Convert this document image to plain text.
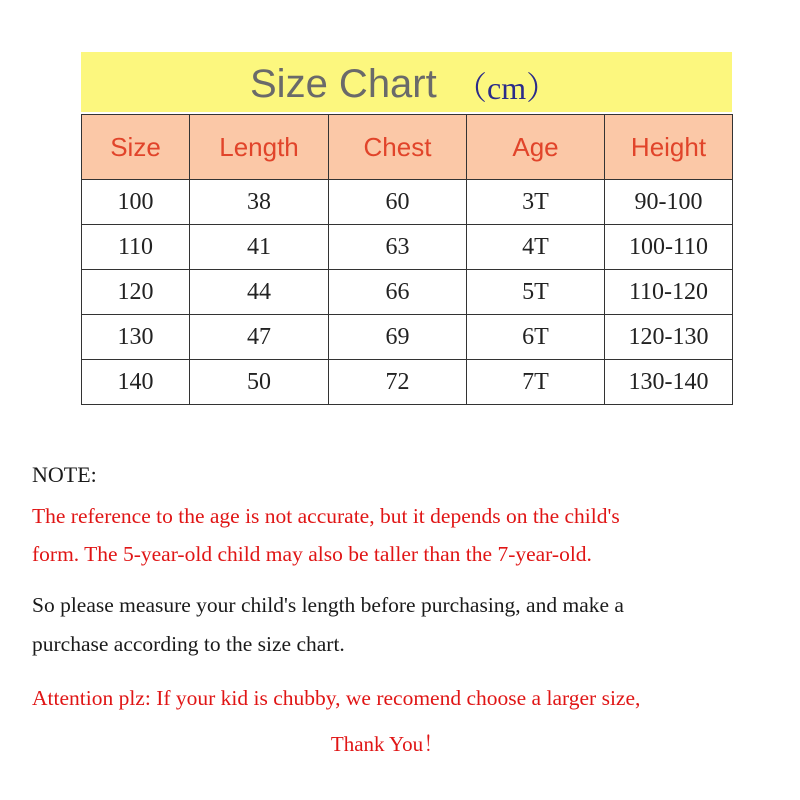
Size Chart （cm）
Size	Length	Chest	Age	Height
100	38	60	3T	90-100
110	41	63	4T	100-110
120	44	66	5T	110-120
130	47	69	6T	120-130
140	50	72	7T	130-140
NOTE:
The reference to the age is not accurate, but it depends on the child's
form. The 5-year-old child may also be taller than the 7-year-old.
So please measure your child's length before purchasing, and make a
purchase according to the size chart.
Attention plz: If your kid is chubby, we recomend choose a larger size,
Thank You！
